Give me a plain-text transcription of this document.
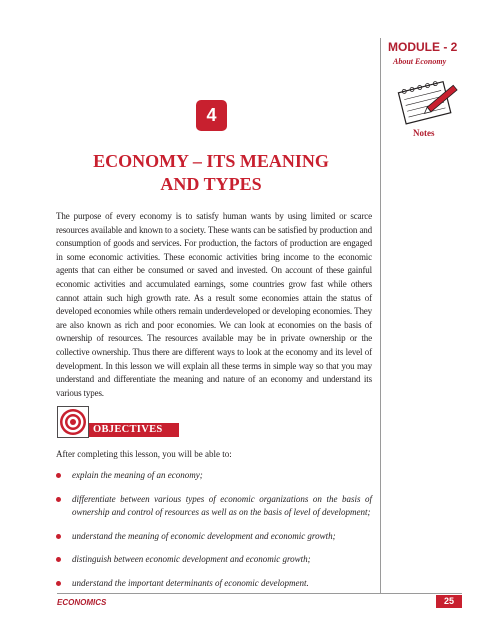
MODULE - 2
About Economy
Notes
4
ECONOMY – ITS MEANING
AND TYPES

The purpose of every economy is to satisfy human wants by using limited or scarce resources available and known to a society. These wants can be satisfied by production and consumption of goods and services. For production, the factors of production are engaged in some economic activities. These economic activities bring income to the economic agents that can either be consumed or saved and invested. On account of these gainful economic activities and accumulated earnings, some countries grow fast while others cannot attain such high growth rate. As a result some economies attain the status of developed economies while others remain underdeveloped or developing economies. They are also known as rich and poor economies. We can look at economies on the basis of ownership of resources. The resources available may be in private ownership or the collective ownership. Thus there are different ways to look at the economy and its level of development. In this lesson we will explain all these terms in simple way so that you may understand and differentiate the meaning and nature of an economy and understand its various types.

OBJECTIVES

After completing this lesson, you will be able to:

explain the meaning of an economy;
differentiate between various types of economic organizations on the basis of ownership and control of resources as well as on the basis of level of development;
understand the meaning of economic development and economic growth;
distinguish between economic development and economic growth;
understand the important determinants of economic development.
ECONOMICS	25
